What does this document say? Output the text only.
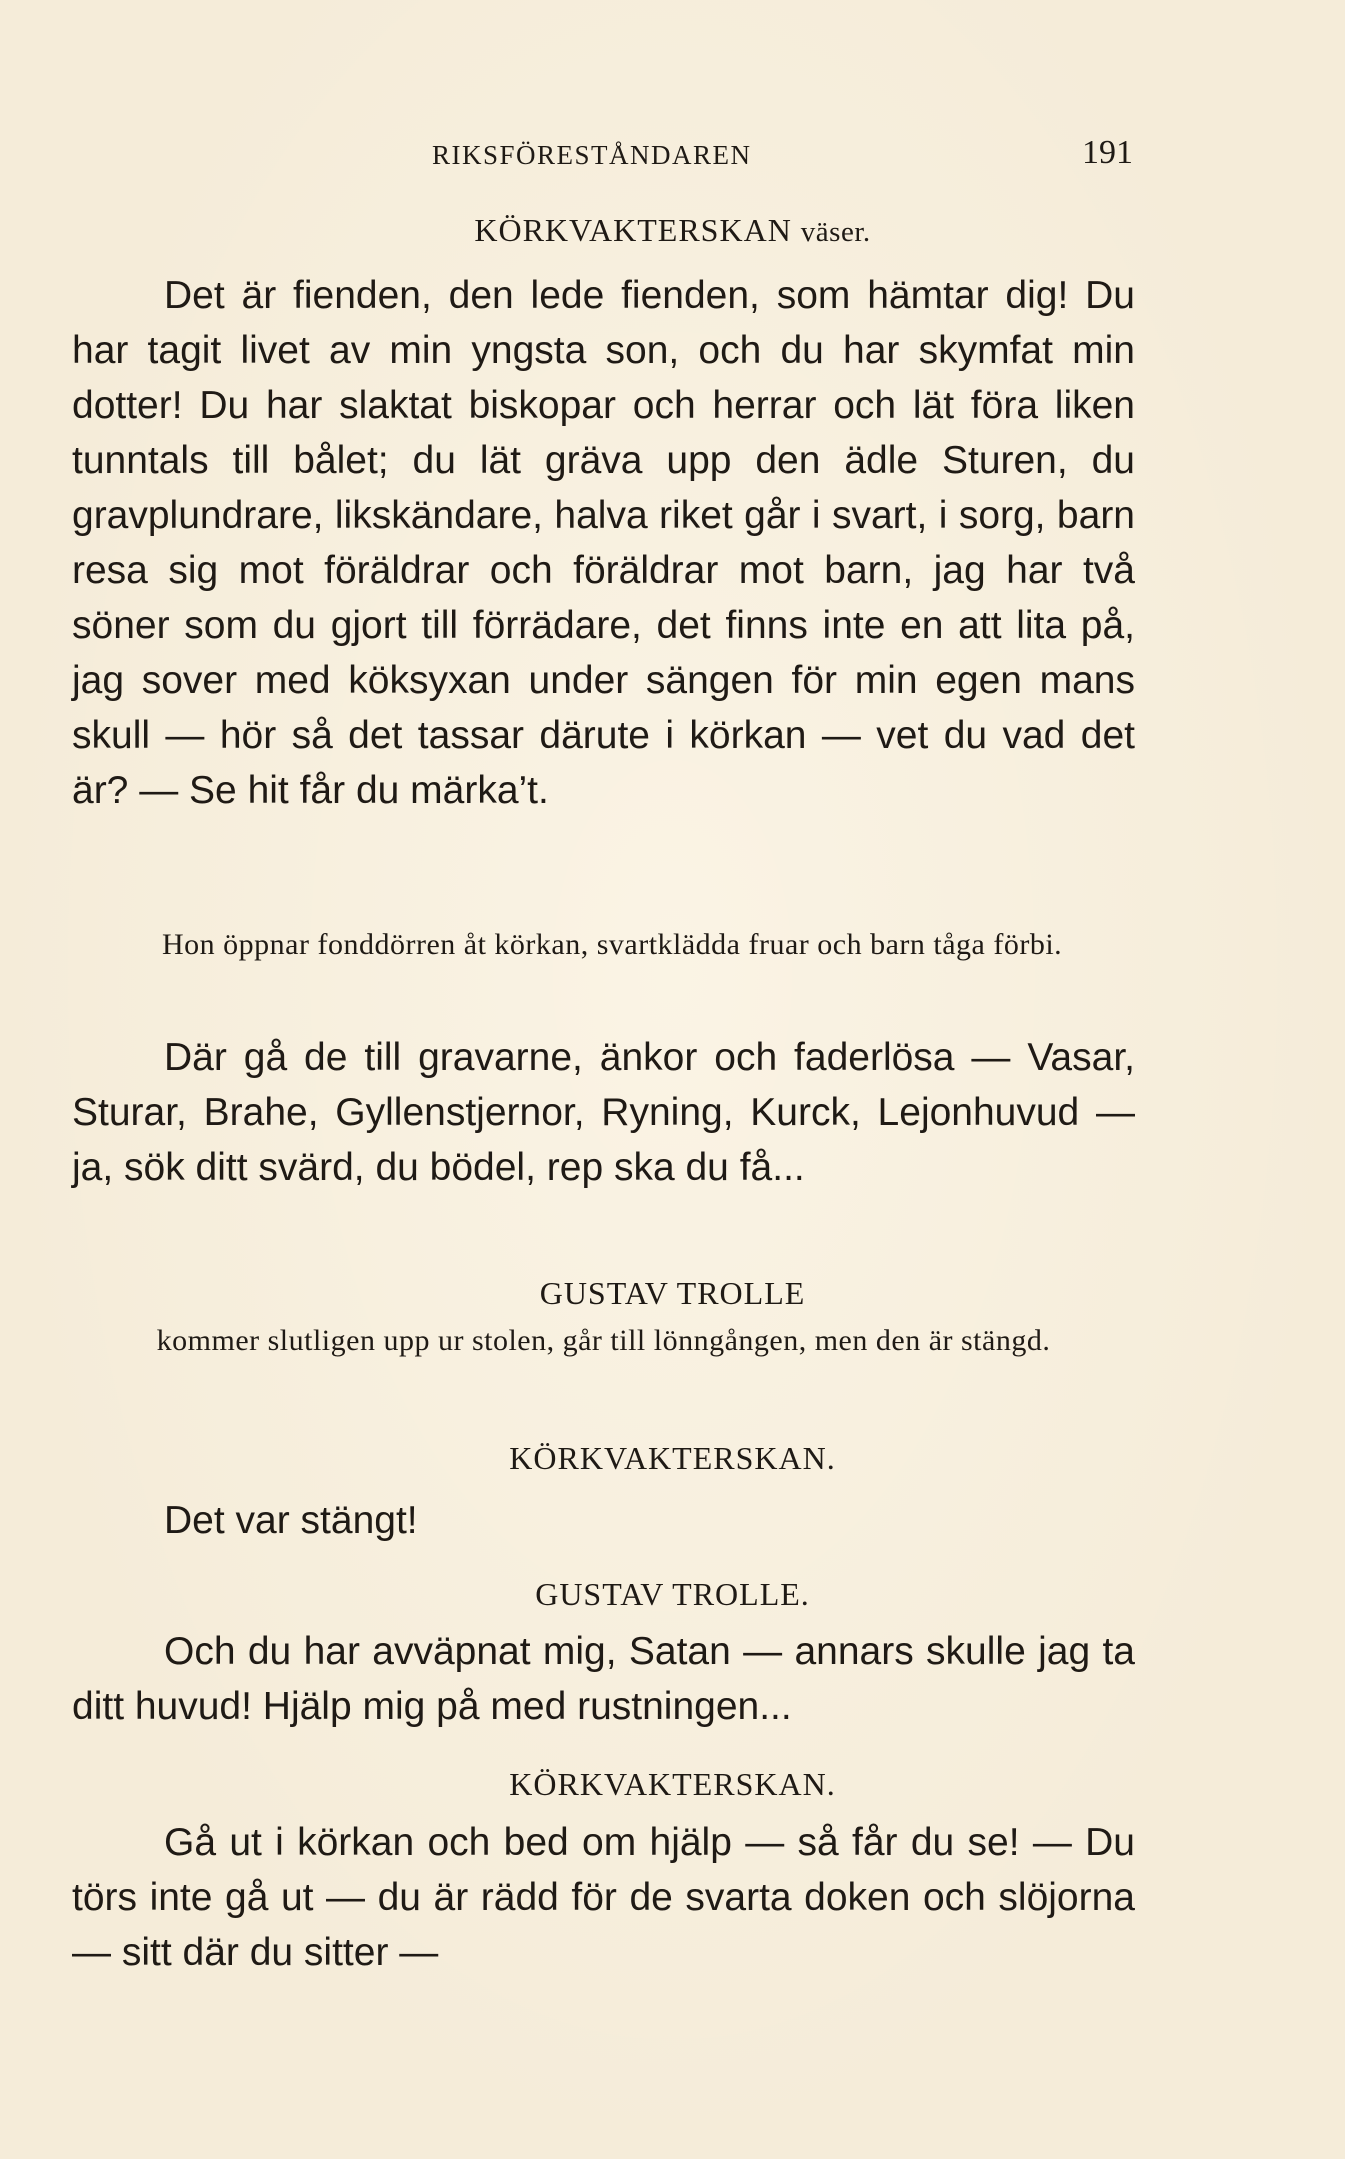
RIKSFÖRESTÅNDAREN	191
KÖRKVAKTERSKAN väser.
Det är fienden, den lede fienden, som hämtar dig! Du har tagit livet av min yngsta son, och du har skymfat min dotter! Du har slaktat biskopar och herrar och lät föra liken tunntals till bålet; du lät gräva upp den ädle Sturen, du gravplundrare, likskändare, halva riket går i svart, i sorg, barn resa sig mot föräldrar och föräldrar mot barn, jag har två söner som du gjort till förrädare, det finns inte en att lita på, jag sover med köksyxan under sängen för min egen mans skull — hör så det tassar därute i körkan — vet du vad det är? — Se hit får du märka’t.
Hon öppnar fonddörren åt körkan, svartklädda fruar och barn tåga förbi.
Där gå de till gravarne, änkor och faderlösa — Vasar, Sturar, Brahe, Gyllenstjernor, Ryning, Kurck, Lejonhuvud — ja, sök ditt svärd, du bödel, rep ska du få...
GUSTAV TROLLE
kommer slutligen upp ur stolen, går till lönngången, men den är stängd.
KÖRKVAKTERSKAN.
Det var stängt!
GUSTAV TROLLE.
Och du har avväpnat mig, Satan — annars skulle jag ta ditt huvud! Hjälp mig på med rustningen...
KÖRKVAKTERSKAN.
Gå ut i körkan och bed om hjälp — så får du se! — Du törs inte gå ut — du är rädd för de svarta doken och slöjorna — sitt där du sitter —
